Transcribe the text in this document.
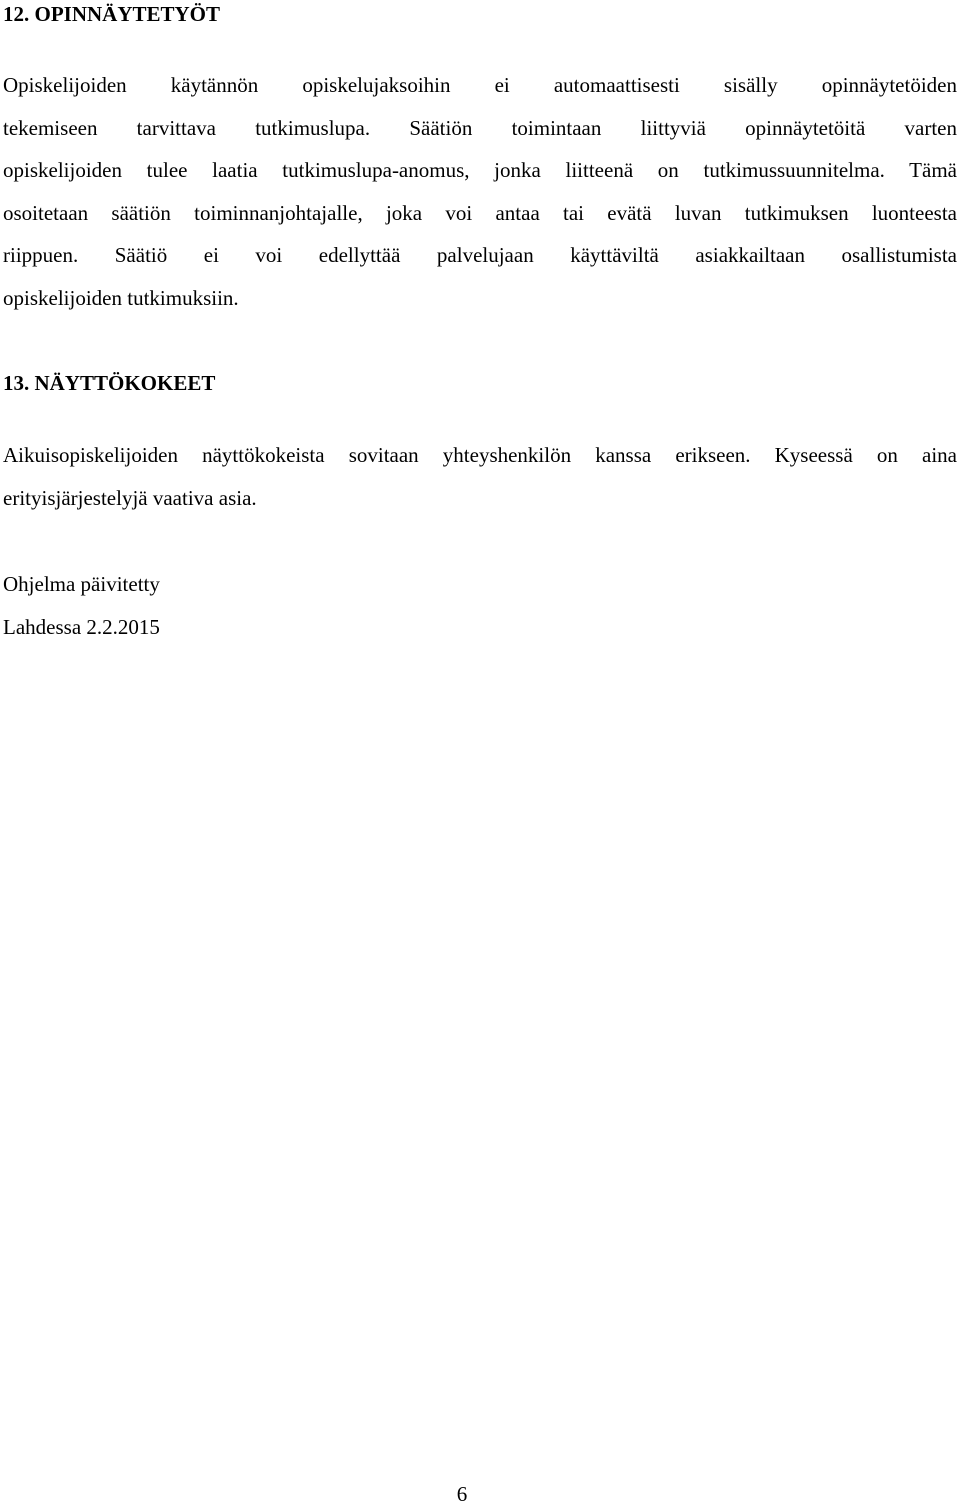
12. OPINNÄYTETYÖT

Opiskelijoiden käytännön opiskelujaksoihin ei automaattisesti sisälly opinnäytetöiden
tekemiseen tarvittava tutkimuslupa. Säätiön toimintaan liittyviä opinnäytetöitä varten
opiskelijoiden tulee laatia tutkimuslupa-anomus, jonka liitteenä on tutkimussuunnitelma. Tämä
osoitetaan säätiön toiminnanjohtajalle, joka voi antaa tai evätä luvan tutkimuksen luonteesta
riippuen. Säätiö ei voi edellyttää palvelujaan käyttäviltä asiakkailtaan osallistumista
opiskelijoiden tutkimuksiin.

13. NÄYTTÖKOKEET

Aikuisopiskelijoiden näyttökokeista sovitaan yhteyshenkilön kanssa erikseen. Kyseessä on aina
erityisjärjestelyjä vaativa asia.

Ohjelma päivitetty
Lahdessa 2.2.2015

6
